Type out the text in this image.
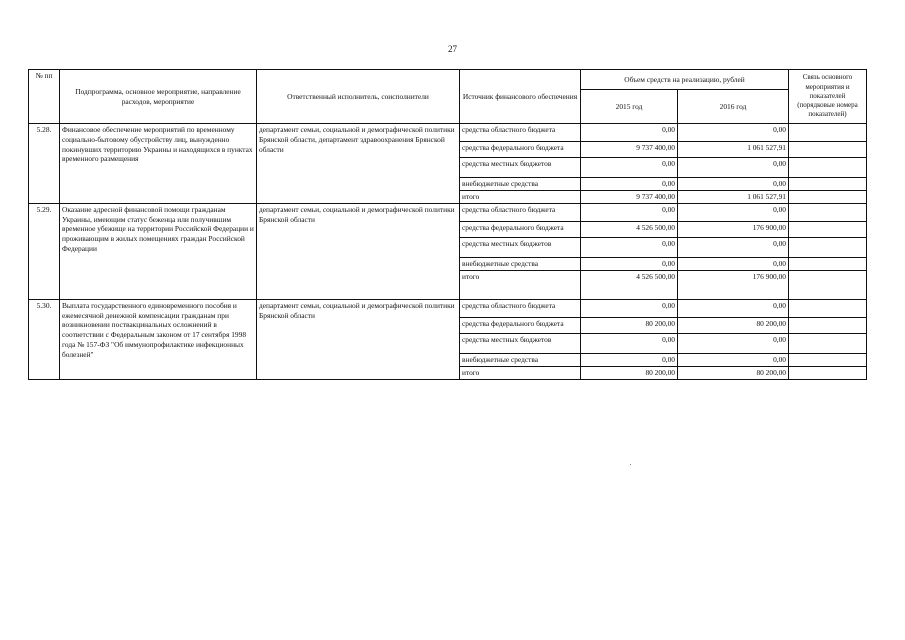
27
№ пп	Подпрограмма, основное мероприятие, направление расходов, мероприятие	Ответственный исполнитель, соисполнители	Источник финансового обеспечения	Объем средств на реализацию, рублей		Связь основного мероприятия и показателей (порядковые номера показателей)
				2015 год	2016 год	
5.28.	Финансовое обеспечение мероприятий по временному социально-бытовому обустройству лиц, вынужденно покинувших территорию Украины и находящихся в пунктах временного размещения	департамент семьи, социальной и демографической политики Брянской области, департамент здравоохранения Брянской области	средства областного бюджета	0,00	0,00	
			средства федерального бюджета	9 737 400,00	1 061 527,91	
			средства местных бюджетов	0,00	0,00	
			внебюджетные средства	0,00	0,00	
			итого	9 737 400,00	1 061 527,91	
5.29.	Оказание адресной финансовой помощи гражданам Украины, имеющим статус беженца или получившим временное убежище на территории Российской Федерации и проживающим в жилых помещениях граждан Российской Федерации	департамент семьи, социальной и демографической политики Брянской области	средства областного бюджета	0,00	0,00	
			средства федерального бюджета	4 526 500,00	176 900,00	
			средства местных бюджетов	0,00	0,00	
			внебюджетные средства	0,00	0,00	
			итого	4 526 500,00	176 900,00	
5.30.	Выплата государственного единовременного пособия и ежемесячной денежной компенсации гражданам при возникновении поствакцинальных осложнений в соответствии с Федеральным законом от 17 сентября 1998 года № 157-ФЗ "Об иммунопрофилактике инфекционных болезней"	департамент семьи, социальной и демографической политики Брянской области	средства областного бюджета	0,00	0,00	
			средства федерального бюджета	80 200,00	80 200,00	
			средства местных бюджетов	0,00	0,00	
			внебюджетные средства	0,00	0,00	
			итого	80 200,00	80 200,00	
